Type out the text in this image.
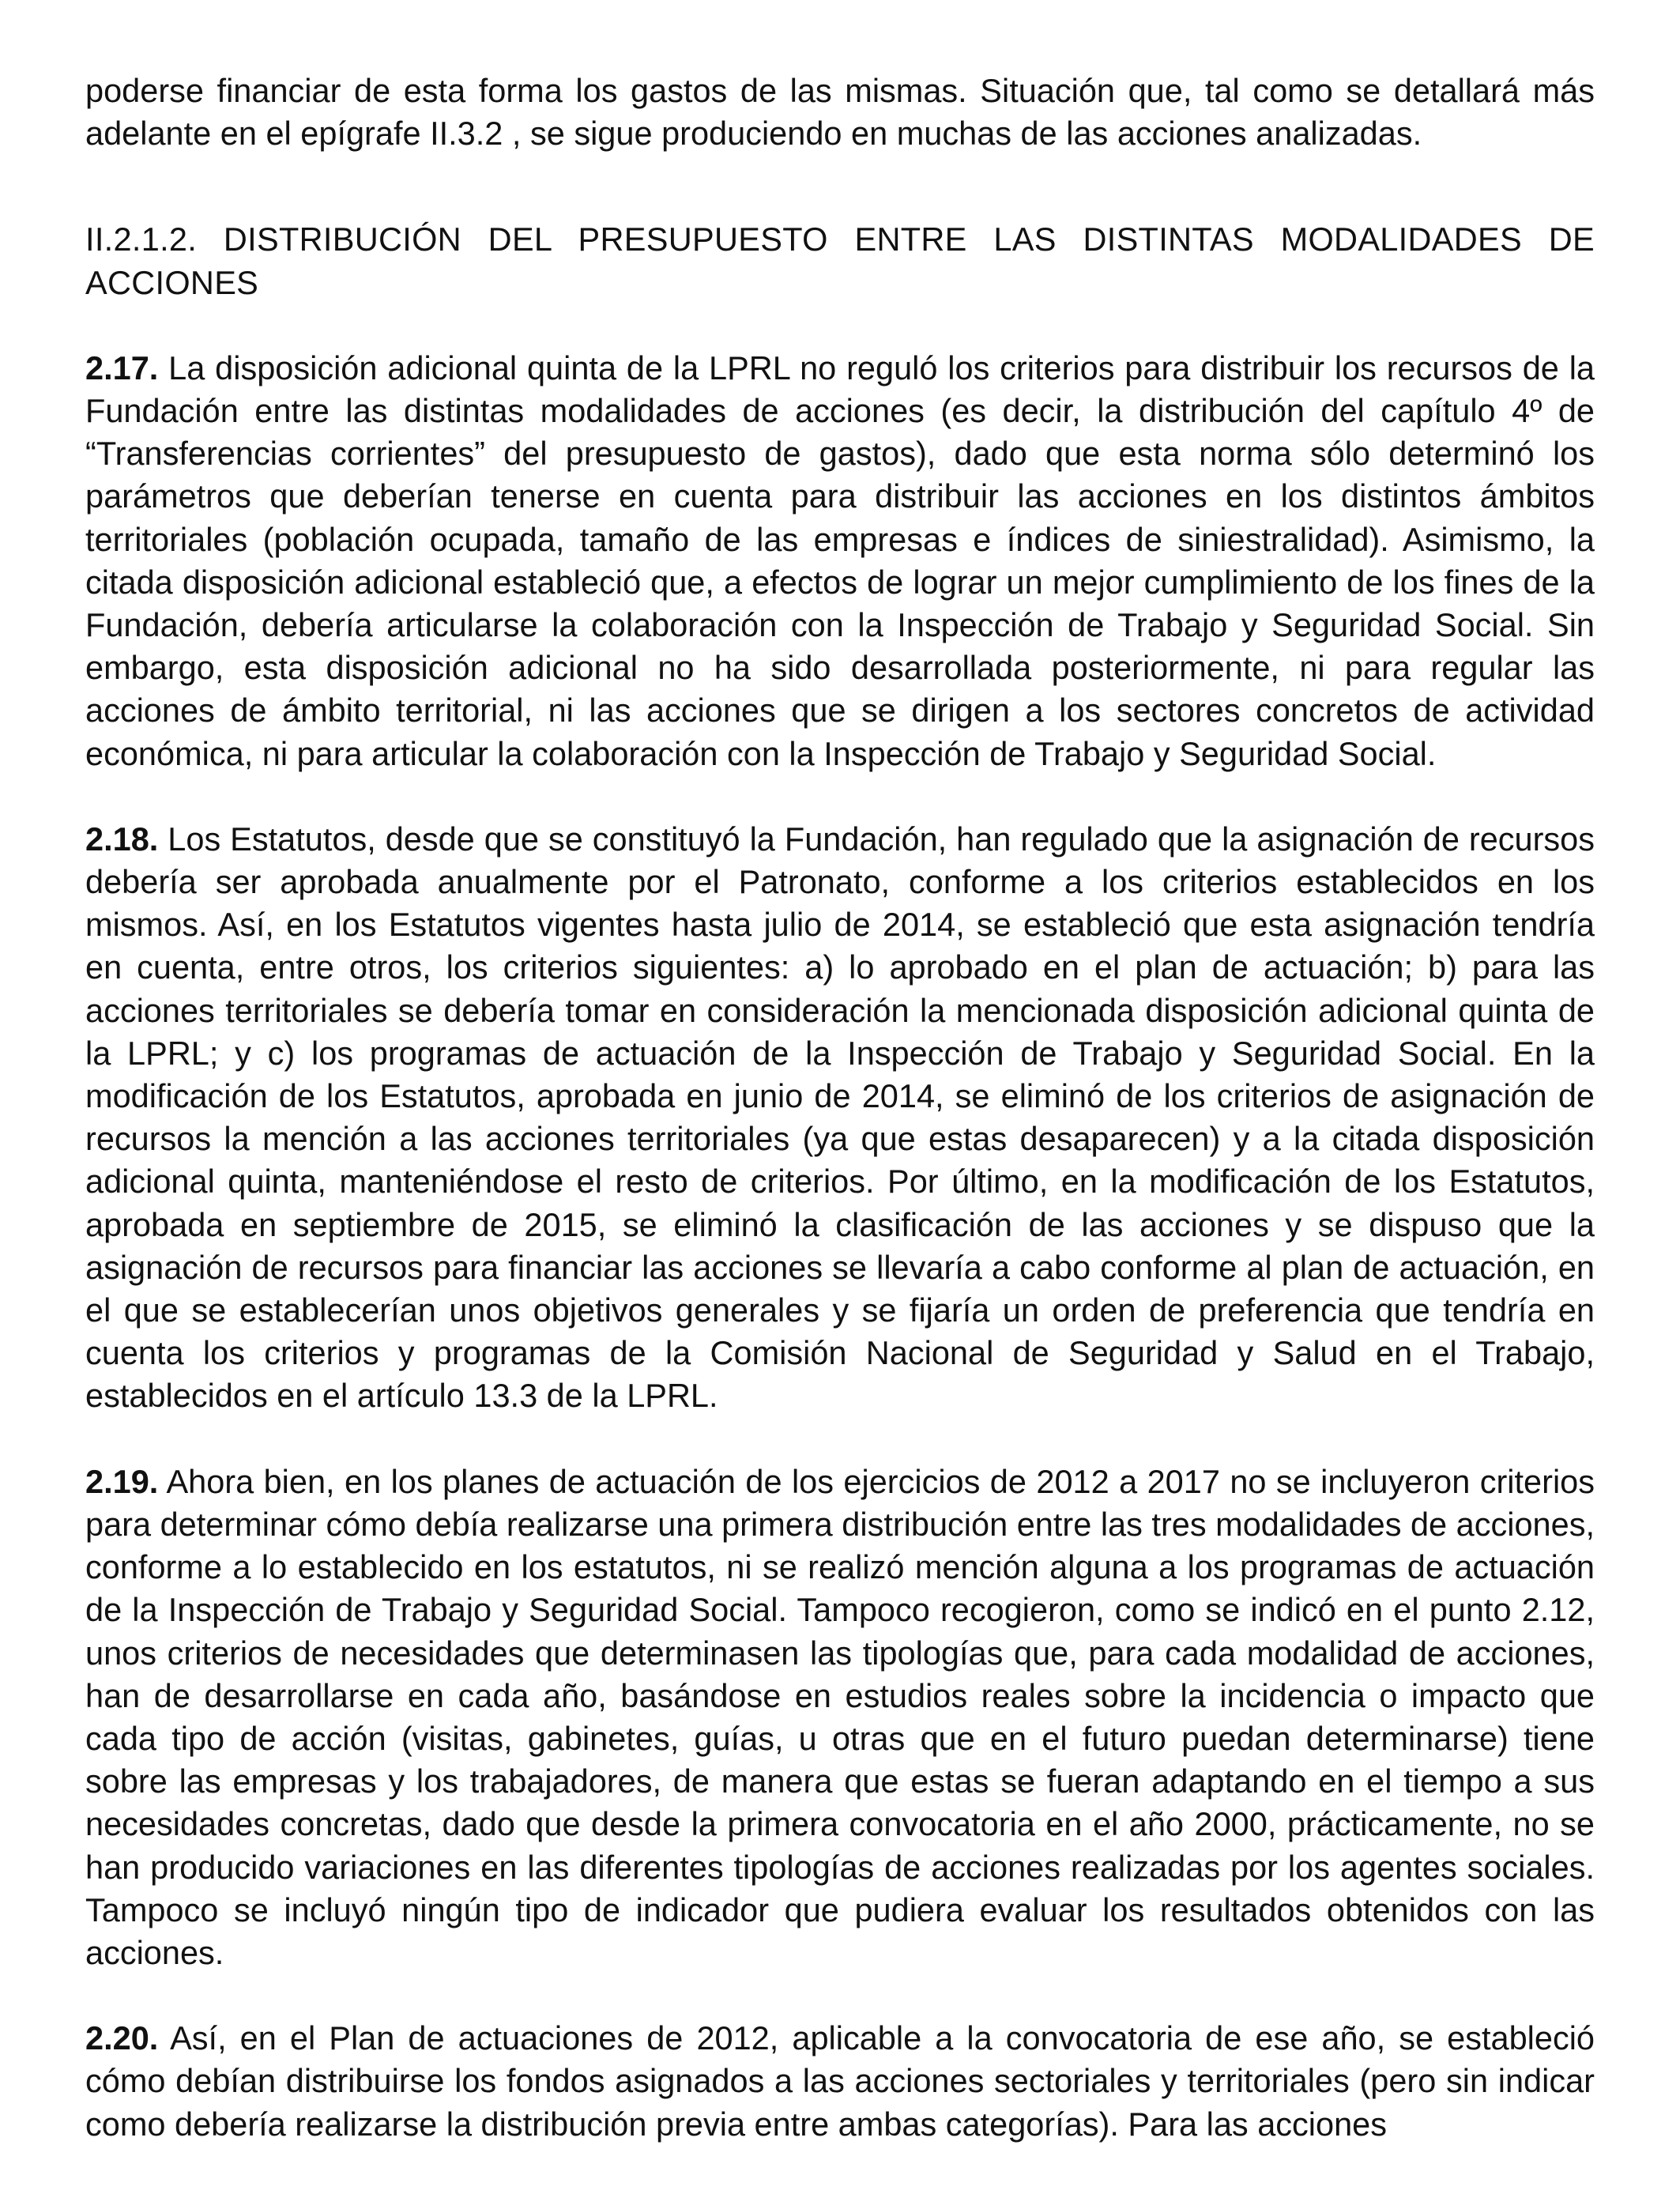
poderse financiar de esta forma los gastos de las mismas. Situación que, tal como se detallará más adelante en el epígrafe II.3.2 , se sigue produciendo en muchas de las acciones analizadas.

II.2.1.2. DISTRIBUCIÓN DEL PRESUPUESTO ENTRE LAS DISTINTAS MODALIDADES DE ACCIONES

2.17. La disposición adicional quinta de la LPRL no reguló los criterios para distribuir los recursos de la Fundación entre las distintas modalidades de acciones (es decir, la distribución del capítulo 4º de “Transferencias corrientes” del presupuesto de gastos), dado que esta norma sólo determinó los parámetros que deberían tenerse en cuenta para distribuir las acciones en los distintos ámbitos territoriales (población ocupada, tamaño de las empresas e índices de siniestralidad). Asimismo, la citada disposición adicional estableció que, a efectos de lograr un mejor cumplimiento de los fines de la Fundación, debería articularse la colaboración con la Inspección de Trabajo y Seguridad Social. Sin embargo, esta disposición adicional no ha sido desarrollada posteriormente, ni para regular las acciones de ámbito territorial, ni las acciones que se dirigen a los sectores concretos de actividad económica, ni para articular la colaboración con la Inspección de Trabajo y Seguridad Social.

2.18. Los Estatutos, desde que se constituyó la Fundación, han regulado que la asignación de recursos debería ser aprobada anualmente por el Patronato, conforme a los criterios establecidos en los mismos. Así, en los Estatutos vigentes hasta julio de 2014, se estableció que esta asignación tendría en cuenta, entre otros, los criterios siguientes: a) lo aprobado en el plan de actuación; b) para las acciones territoriales se debería tomar en consideración la mencionada disposición adicional quinta de la LPRL; y c) los programas de actuación de la Inspección de Trabajo y Seguridad Social. En la modificación de los Estatutos, aprobada en junio de 2014, se eliminó de los criterios de asignación de recursos la mención a las acciones territoriales (ya que estas desaparecen) y a la citada disposición adicional quinta, manteniéndose el resto de criterios. Por último, en la modificación de los Estatutos, aprobada en septiembre de 2015, se eliminó la clasificación de las acciones y se dispuso que la asignación de recursos para financiar las acciones se llevaría a cabo conforme al plan de actuación, en el que se establecerían unos objetivos generales y se fijaría un orden de preferencia que tendría en cuenta los criterios y programas de la Comisión Nacional de Seguridad y Salud en el Trabajo, establecidos en el artículo 13.3 de la LPRL.

2.19. Ahora bien, en los planes de actuación de los ejercicios de 2012 a 2017 no se incluyeron criterios para determinar cómo debía realizarse una primera distribución entre las tres modalidades de acciones, conforme a lo establecido en los estatutos, ni se realizó mención alguna a los programas de actuación de la Inspección de Trabajo y Seguridad Social. Tampoco recogieron, como se indicó en el punto 2.12, unos criterios de necesidades que determinasen las tipologías que, para cada modalidad de acciones, han de desarrollarse en cada año, basándose en estudios reales sobre la incidencia o impacto que cada tipo de acción (visitas, gabinetes, guías, u otras que en el futuro puedan determinarse) tiene sobre las empresas y los trabajadores, de manera que estas se fueran adaptando en el tiempo a sus necesidades concretas, dado que desde la primera convocatoria en el año 2000, prácticamente, no se han producido variaciones en las diferentes tipologías de acciones realizadas por los agentes sociales. Tampoco se incluyó ningún tipo de indicador que pudiera evaluar los resultados obtenidos con las acciones.

2.20. Así, en el Plan de actuaciones de 2012, aplicable a la convocatoria de ese año, se estableció cómo debían distribuirse los fondos asignados a las acciones sectoriales y territoriales (pero sin indicar como debería realizarse la distribución previa entre ambas categorías). Para las acciones
